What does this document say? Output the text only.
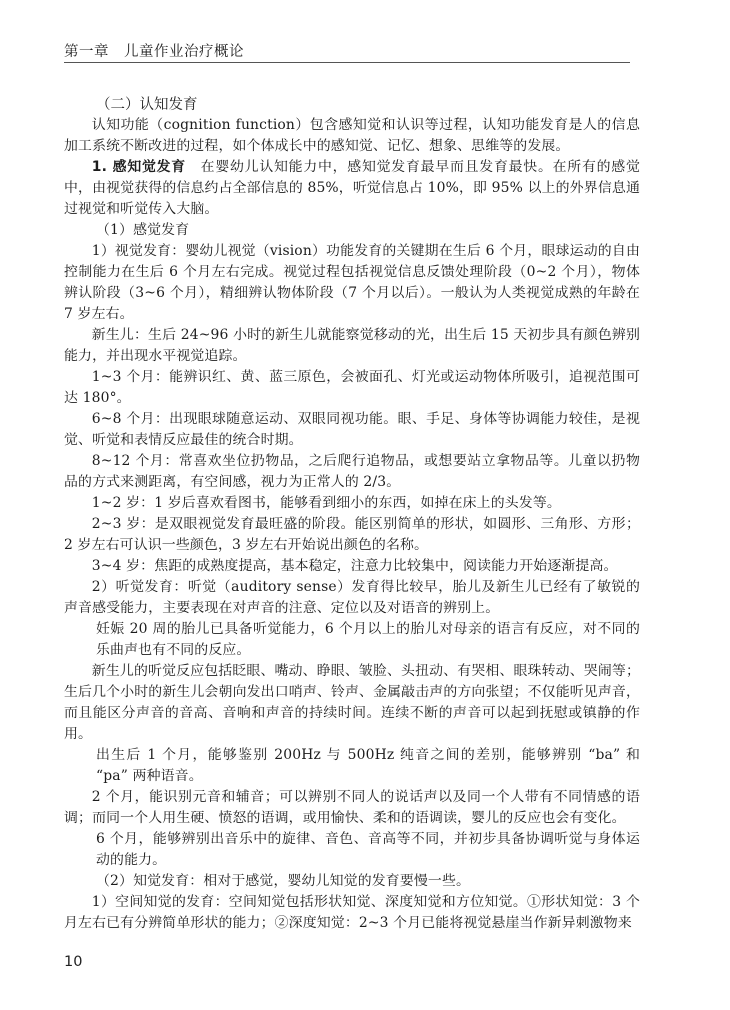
第一章　儿童作业治疗概论

（二）认知发育

认知功能（cognition function）包含感知觉和认识等过程，认知功能发育是人的信息加工系统不断改进的过程，如个体成长中的感知觉、记忆、想象、思维等的发展。

1. 感知觉发育　 在婴幼儿认知能力中，感知觉发育最早而且发育最快。在所有的感觉中，由视觉获得的信息约占全部信息的 85%，听觉信息占 10%，即 95% 以上的外界信息通过视觉和听觉传入大脑。

（1）感觉发育

1）视觉发育：婴幼儿视觉（vision）功能发育的关键期在生后 6 个月，眼球运动的自由控制能力在生后 6 个月左右完成。视觉过程包括视觉信息反馈处理阶段（0~2 个月），物体辨认阶段（3~6 个月），精细辨认物体阶段（7 个月以后）。一般认为人类视觉成熟的年龄在 7 岁左右。

新生儿：生后 24~96 小时的新生儿就能察觉移动的光，出生后 15 天初步具有颜色辨别能力，并出现水平视觉追踪。

1~3 个月：能辨识红、黄、蓝三原色，会被面孔、灯光或运动物体所吸引，追视范围可达 180°。

6~8 个月：出现眼球随意运动、双眼同视功能。眼、手足、身体等协调能力较佳，是视觉、听觉和表情反应最佳的统合时期。

8~12 个月：常喜欢坐位扔物品，之后爬行追物品，或想要站立拿物品等。儿童以扔物品的方式来测距离，有空间感，视力为正常人的 2/3。

1~2 岁：1 岁后喜欢看图书，能够看到细小的东西，如掉在床上的头发等。

2~3 岁：是双眼视觉发育最旺盛的阶段。能区别简单的形状，如圆形、三角形、方形；2 岁左右可认识一些颜色，3 岁左右开始说出颜色的名称。

3~4 岁：焦距的成熟度提高，基本稳定，注意力比较集中，阅读能力开始逐渐提高。

2）听觉发育：听觉（auditory sense）发育得比较早，胎儿及新生儿已经有了敏锐的声音感受能力，主要表现在对声音的注意、定位以及对语音的辨别上。

妊娠 20 周的胎儿已具备听觉能力，6 个月以上的胎儿对母亲的语言有反应，对不同的乐曲声也有不同的反应。

新生儿的听觉反应包括眨眼、嘴动、睁眼、皱脸、头扭动、有哭相、眼珠转动、哭闹等；生后几个小时的新生儿会朝向发出口哨声、铃声、金属敲击声的方向张望；不仅能听见声音，而且能区分声音的音高、音响和声音的持续时间。连续不断的声音可以起到抚慰或镇静的作用。

出生后 1 个月，能够鉴别 200Hz 与 500Hz 纯音之间的差别，能够辨别 “ba” 和 “pa” 两种语音。

2 个月，能识别元音和辅音；可以辨别不同人的说话声以及同一个人带有不同情感的语调；而同一个人用生硬、愤怒的语调，或用愉快、柔和的语调读，婴儿的反应也会有变化。

6 个月，能够辨别出音乐中的旋律、音色、音高等不同，并初步具备协调听觉与身体运动的能力。

（2）知觉发育：相对于感觉，婴幼儿知觉的发育要慢一些。

1）空间知觉的发育：空间知觉包括形状知觉、深度知觉和方位知觉。①形状知觉：3 个月左右已有分辨简单形状的能力；②深度知觉：2~3 个月已能将视觉悬崖当作新异刺激物来

10
